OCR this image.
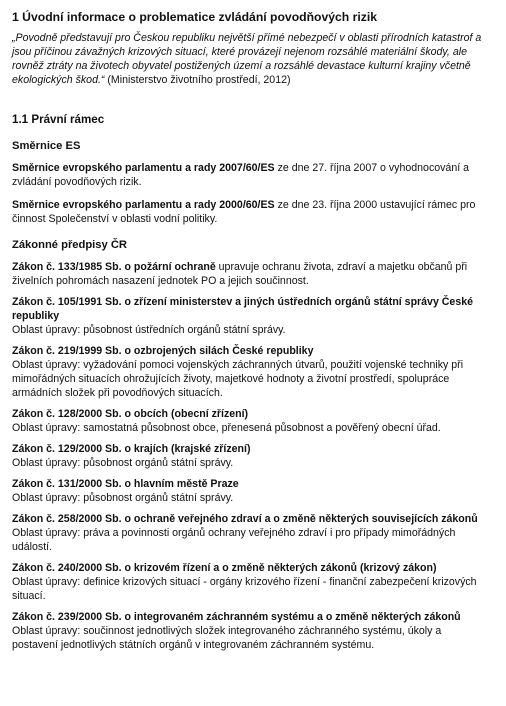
1 Úvodní informace o problematice zvládání povodňových rizik
„Povodně představují pro Českou republiku největší přímé nebezpečí v oblasti přírodních katastrof a jsou příčinou závažných krizových situací, které provázejí nejenom rozsáhlé materiální škody, ale rovněž ztráty na životech obyvatel postižených území a rozsáhlé devastace kulturní krajiny včetně ekologických škod.“ (Ministerstvo životního prostředí, 2012)
1.1 Právní rámec
Směrnice ES
Směrnice evropského parlamentu a rady 2007/60/ES ze dne 27. října 2007 o vyhodnocování a zvládání povodňových rizik.
Směrnice evropského parlamentu a rady 2000/60/ES ze dne 23. října 2000 ustavující rámec pro činnost Společenství v oblasti vodní politiky.
Zákonné předpisy ČR
Zákon č. 133/1985 Sb. o požární ochraně upravuje ochranu života, zdraví a majetku občanů při živelních pohromách nasazení jednotek PO a jejich součinnost.
Zákon č. 105/1991 Sb. o zřízení ministerstev a jiných ústředních orgánů státní správy České republiky
Oblast úpravy: působnost ústředních orgánů státní správy.
Zákon č. 219/1999 Sb. o ozbrojených silách České republiky
Oblast úpravy: vyžadování pomoci vojenských záchranných útvarů, použití vojenské techniky při mimořádných situacích ohrožujících životy, majetkové hodnoty a životní prostředí, spolupráce armádních složek při povodňových situacích.
Zákon č. 128/2000 Sb. o obcích (obecní zřízení)
Oblast úpravy: samostatná působnost obce, přenesená působnost a pověřený obecní úřad.
Zákon č. 129/2000 Sb. o krajích (krajské zřízení)
Oblast úpravy: působnost orgánů státní správy.
Zákon č. 131/2000 Sb. o hlavním městě Praze
Oblast úpravy: působnost orgánů státní správy.
Zákon č. 258/2000 Sb. o ochraně veřejného zdraví a o změně některých souvisejících zákonů
Oblast úpravy: práva a povinnosti orgánů ochrany veřejného zdraví i pro případy mimořádných událostí.
Zákon č. 240/2000 Sb. o krizovém řízení a o změně některých zákonů (krizový zákon)
Oblast úpravy: definice krizových situací - orgány krizového řízení - finanční zabezpečení krizových situací.
Zákon č. 239/2000 Sb. o integrovaném záchranném systému a o změně některých zákonů
Oblast úpravy: součinnost jednotlivých složek integrovaného záchranného systému, úkoly a postavení jednotlivých státních orgánů v integrovaném záchranném systému.
